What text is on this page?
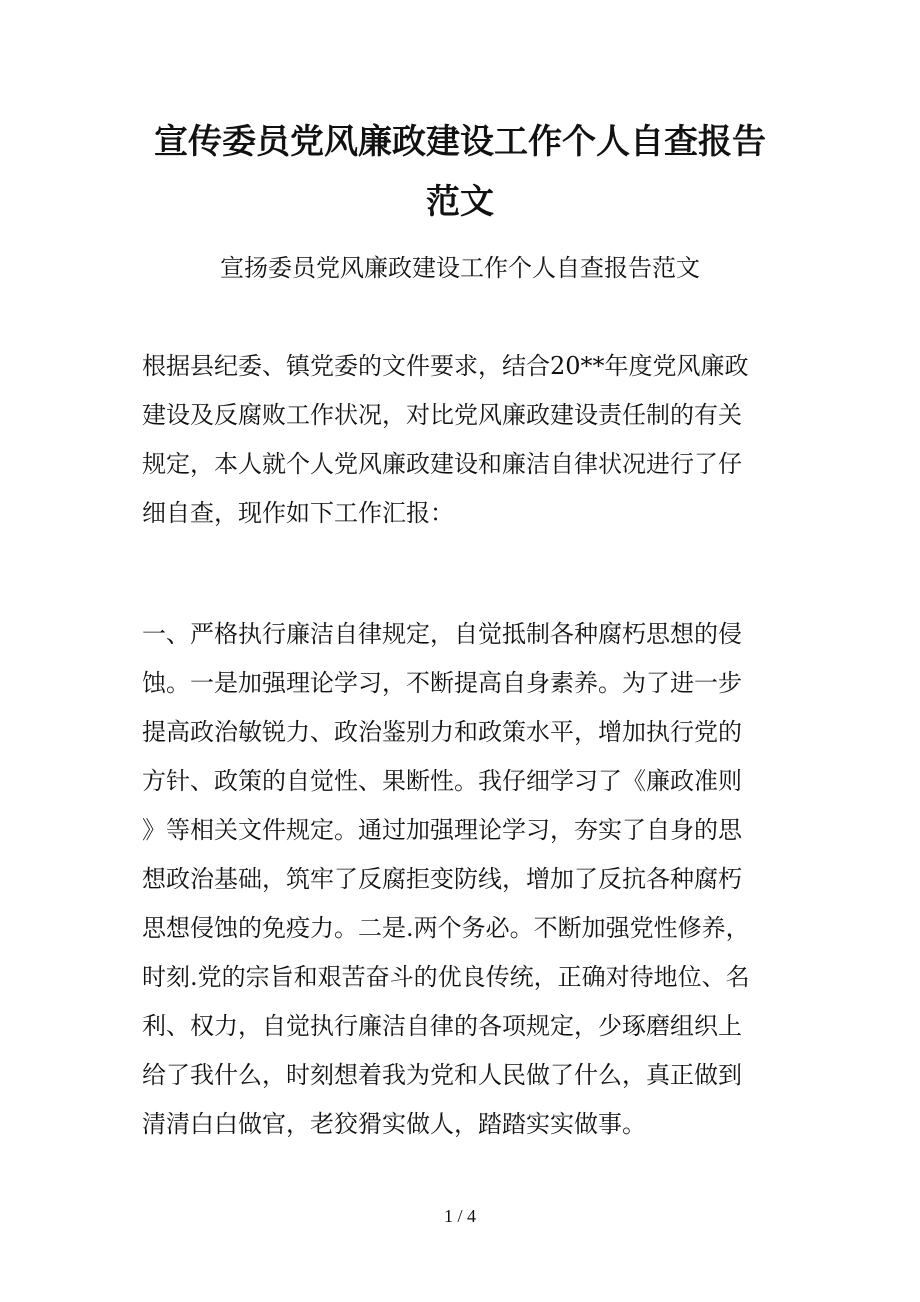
宣传委员党风廉政建设工作个人自查报告
范文

宣扬委员党风廉政建设工作个人自查报告范文

根据县纪委、镇党委的文件要求，结合20**年度党风廉政
建设及反腐败工作状况，对比党风廉政建设责任制的有关
规定，本人就个人党风廉政建设和廉洁自律状况进行了仔
细自查，现作如下工作汇报：
一、严格执行廉洁自律规定，自觉抵制各种腐朽思想的侵
蚀。一是加强理论学习，不断提高自身素养。为了进一步
提高政治敏锐力、政治鉴别力和政策水平，增加执行党的
方针、政策的自觉性、果断性。我仔细学习了《廉政准则
》等相关文件规定。通过加强理论学习，夯实了自身的思
想政治基础，筑牢了反腐拒变防线，增加了反抗各种腐朽
思想侵蚀的免疫力。二是.两个务必。不断加强党性修养，
时刻.党的宗旨和艰苦奋斗的优良传统，正确对待地位、名
利、权力，自觉执行廉洁自律的各项规定，少琢磨组织上
给了我什么，时刻想着我为党和人民做了什么，真正做到
清清白白做官，老狡猾实做人，踏踏实实做事。
1 / 4
